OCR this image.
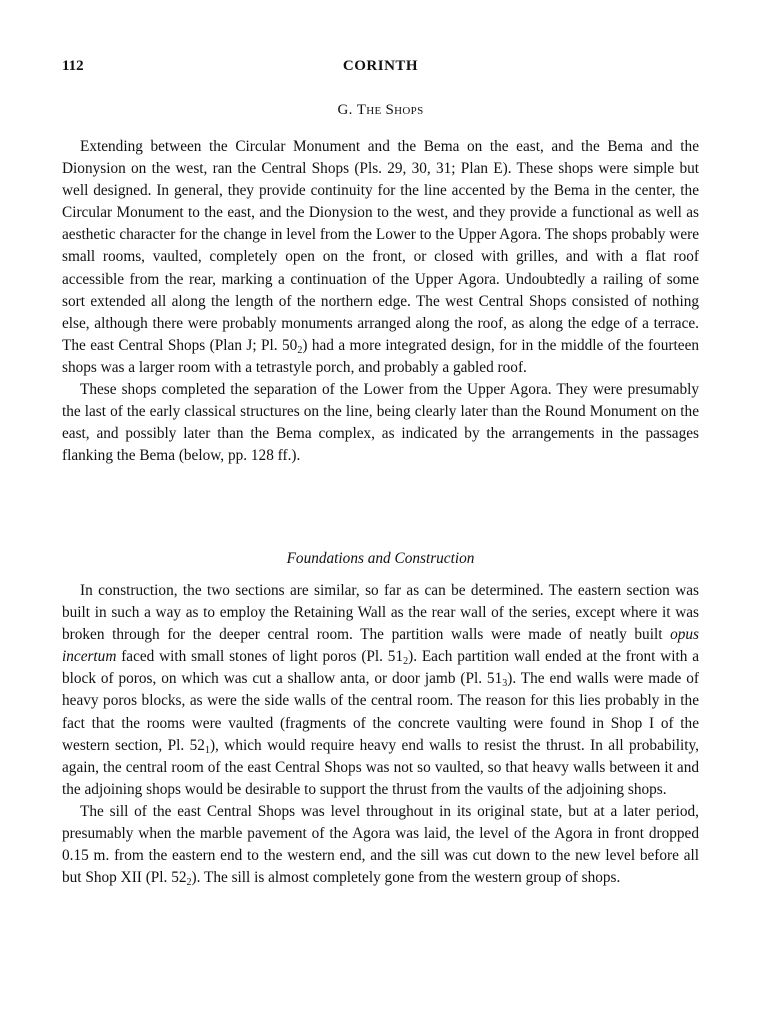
112	CORINTH
G. The Shops

Extending between the Circular Monument and the Bema on the east, and the Bema and the Dionysion on the west, ran the Central Shops (Pls. 29, 30, 31; Plan E). These shops were simple but well designed. In general, they provide continuity for the line accented by the Bema in the center, the Circular Monument to the east, and the Dionysion to the west, and they provide a functional as well as aesthetic character for the change in level from the Lower to the Upper Agora. The shops probably were small rooms, vaulted, completely open on the front, or closed with grilles, and with a flat roof accessible from the rear, marking a continuation of the Upper Agora. Undoubtedly a railing of some sort extended all along the length of the northern edge. The west Central Shops consisted of nothing else, although there were probably monuments arranged along the roof, as along the edge of a terrace. The east Central Shops (Plan J; Pl. $50_2$) had a more integrated design, for in the middle of the fourteen shops was a larger room with a tetrastyle porch, and probably a gabled roof.

These shops completed the separation of the Lower from the Upper Agora. They were presumably the last of the early classical structures on the line, being clearly later than the Round Monument on the east, and possibly later than the Bema complex, as indicated by the arrangements in the passages flanking the Bema (below, pp. 128 ff.).

Foundations and Construction

In construction, the two sections are similar, so far as can be determined. The eastern section was built in such a way as to employ the Retaining Wall as the rear wall of the series, except where it was broken through for the deeper central room. The partition walls were made of neatly built opus incertum faced with small stones of light poros (Pl. $51_2$). Each partition wall ended at the front with a block of poros, on which was cut a shallow anta, or door jamb (Pl. $51_3$). The end walls were made of heavy poros blocks, as were the side walls of the central room. The reason for this lies probably in the fact that the rooms were vaulted (fragments of the concrete vaulting were found in Shop I of the western section, Pl. $52_1$), which would require heavy end walls to resist the thrust. In all probability, again, the central room of the east Central Shops was not so vaulted, so that heavy walls between it and the adjoining shops would be desirable to support the thrust from the vaults of the adjoining shops.

The sill of the east Central Shops was level throughout in its original state, but at a later period, presumably when the marble pavement of the Agora was laid, the level of the Agora in front dropped 0.15 m. from the eastern end to the western end, and the sill was cut down to the new level before all but Shop XII (Pl. $52_2$). The sill is almost completely gone from the western group of shops.
